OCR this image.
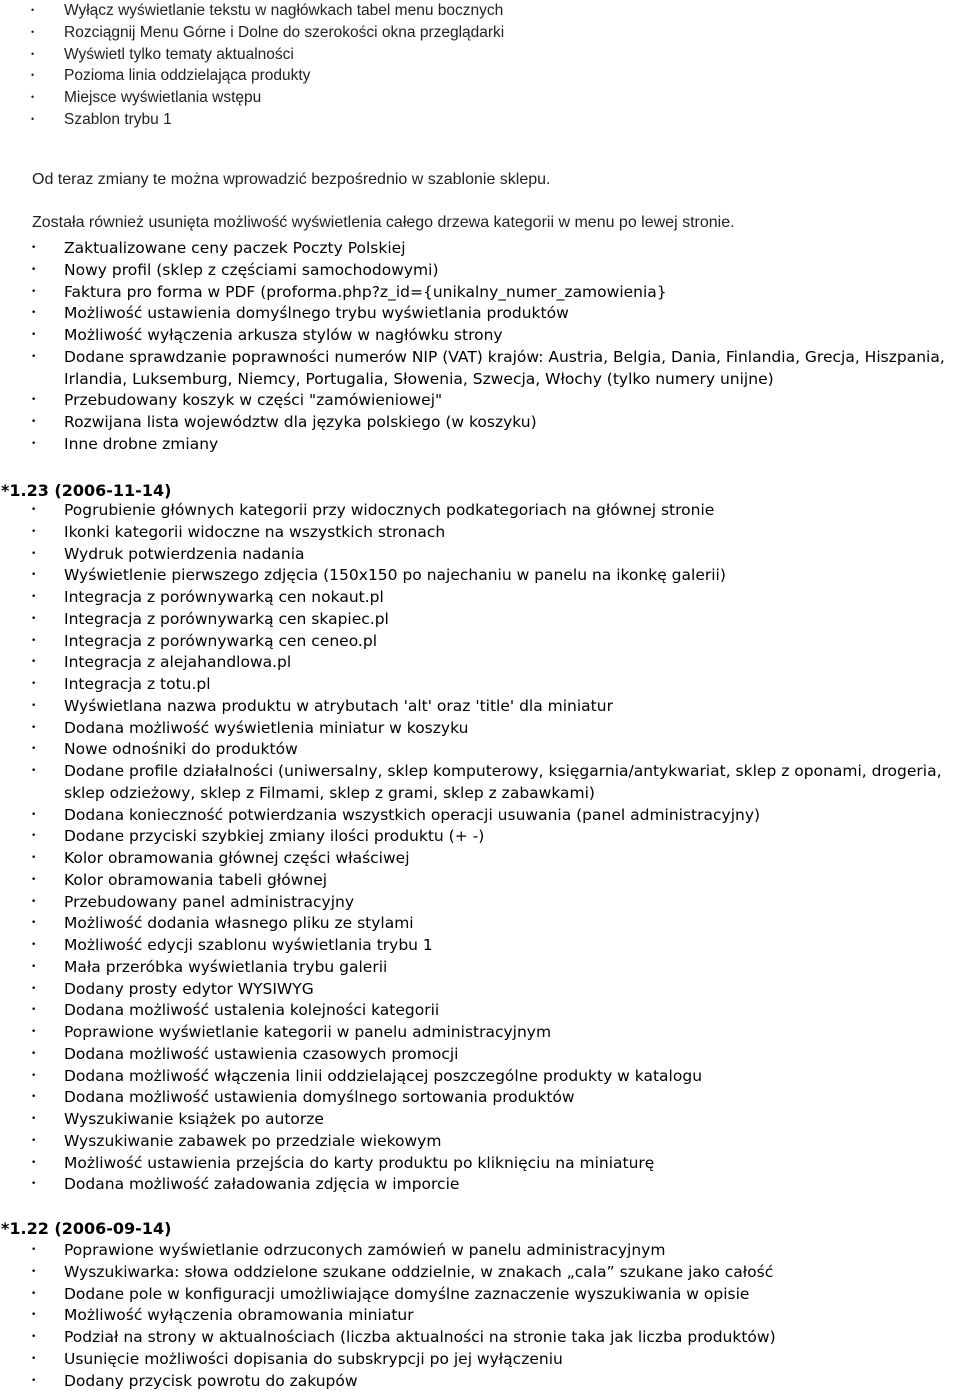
• Wyłącz wyświetlanie tekstu w nagłówkach tabel menu bocznych
• Rozciągnij Menu Górne i Dolne do szerokości okna przeglądarki
• Wyświetl tylko tematy aktualności
• Pozioma linia oddzielająca produkty
• Miejsce wyświetlania wstępu
• Szablon trybu 1

Od teraz zmiany te można wprowadzić bezpośrednio w szablonie sklepu.

Została również usunięta możliwość wyświetlenia całego drzewa kategorii w menu po lewej stronie.

• Zaktualizowane ceny paczek Poczty Polskiej
• Nowy profil (sklep z częściami samochodowymi)
• Faktura pro forma w PDF (proforma.php?z_id={unikalny_numer_zamowienia}
• Możliwość ustawienia domyślnego trybu wyświetlania produktów
• Możliwość wyłączenia arkusza stylów w nagłówku strony
• Dodane sprawdzanie poprawności numerów NIP (VAT) krajów: Austria, Belgia, Dania, Finlandia, Grecja, Hiszpania, Irlandia, Luksemburg, Niemcy, Portugalia, Słowenia, Szwecja, Włochy (tylko numery unijne)
• Przebudowany koszyk w części "zamówieniowej"
• Rozwijana lista województw dla języka polskiego (w koszyku)
• Inne drobne zmiany
*1.23 (2006-11-14)
• Pogrubienie głównych kategorii przy widocznych podkategoriach na głównej stronie
• Ikonki kategorii widoczne na wszystkich stronach
• Wydruk potwierdzenia nadania
• Wyświetlenie pierwszego zdjęcia (150x150 po najechaniu w panelu na ikonkę galerii)
• Integracja z porównywarką cen nokaut.pl
• Integracja z porównywarką cen skapiec.pl
• Integracja z porównywarką cen ceneo.pl
• Integracja z alejahandlowa.pl
• Integracja z totu.pl
• Wyświetlana nazwa produktu w atrybutach 'alt' oraz 'title' dla miniatur
• Dodana możliwość wyświetlenia miniatur w koszyku
• Nowe odnośniki do produktów
• Dodane profile działalności (uniwersalny, sklep komputerowy, księgarnia/antykwariat, sklep z oponami, drogeria, sklep odzieżowy, sklep z Filmami, sklep z grami, sklep z zabawkami)
• Dodana konieczność potwierdzania wszystkich operacji usuwania (panel administracyjny)
• Dodane przyciski szybkiej zmiany ilości produktu (+ -)
• Kolor obramowania głównej części właściwej
• Kolor obramowania tabeli głównej
• Przebudowany panel administracyjny
• Możliwość dodania własnego pliku ze stylami
• Możliwość edycji szablonu wyświetlania trybu 1
• Mała przeróbka wyświetlania trybu galerii
• Dodany prosty edytor WYSIWYG
• Dodana możliwość ustalenia kolejności kategorii
• Poprawione wyświetlanie kategorii w panelu administracyjnym
• Dodana możliwość ustawienia czasowych promocji
• Dodana możliwość włączenia linii oddzielającej poszczególne produkty w katalogu
• Dodana możliwość ustawienia domyślnego sortowania produktów
• Wyszukiwanie książek po autorze
• Wyszukiwanie zabawek po przedziale wiekowym
• Możliwość ustawienia przejścia do karty produktu po kliknięciu na miniaturę
• Dodana możliwość załadowania zdjęcia w imporcie
*1.22 (2006-09-14)
• Poprawione wyświetlanie odrzuconych zamówień w panelu administracyjnym
• Wyszukiwarka: słowa oddzielone szukane oddzielnie, w znakach „cala” szukane jako całość
• Dodane pole w konfiguracji umożliwiające domyślne zaznaczenie wyszukiwania w opisie
• Możliwość wyłączenia obramowania miniatur
• Podział na strony w aktualnościach (liczba aktualności na stronie taka jak liczba produktów)
• Usunięcie możliwości dopisania do subskrypcji po jej wyłączeniu
• Dodany przycisk powrotu do zakupów
